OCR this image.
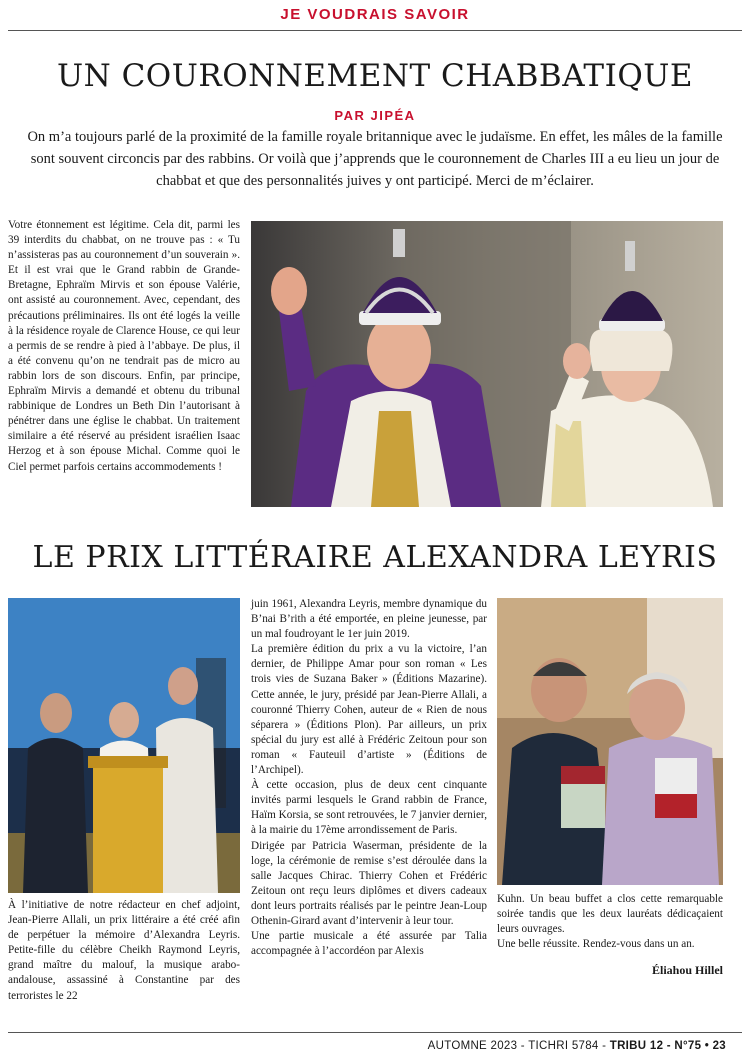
JE VOUDRAIS SAVOIR
UN COURONNEMENT CHABBATIQUE
PAR JIPÉA
On m’a toujours parlé de la proximité de la famille royale britannique avec le judaïsme. En effet, les mâles de la famille sont souvent circoncis par des rabbins. Or voilà que j’apprends que le couronnement de Charles III a eu lieu un jour de chabbat et que des personnalités juives y ont participé. Merci de m’éclairer.

Votre étonnement est légitime. Cela dit, parmi les 39 interdits du chabbat, on ne trouve pas : « Tu n’assisteras pas au couronnement d’un souverain ». Et il est vrai que le Grand rabbin de Grande-Bretagne, Ephraïm Mirvis et son épouse Valérie, ont assisté au couronnement. Avec, cependant, des précautions préliminaires. Ils ont été logés la veille à la résidence royale de Clarence House, ce qui leur a permis de se rendre à pied à l’abbaye. De plus, il a été convenu qu’on ne tendrait pas de micro au rabbin lors de son discours. Enfin, par principe, Ephraïm Mirvis a demandé et obtenu du tribunal rabbinique de Londres un Beth Din l’autorisant à pénétrer dans une église le chabbat. Un traitement similaire a été réservé au président israélien Isaac Herzog et à son épouse Michal. Comme quoi le Ciel permet parfois certains accommodements !

LE PRIX LITTÉRAIRE ALEXANDRA LEYRIS

À l’initiative de notre rédacteur en chef adjoint, Jean-Pierre Allali, un prix littéraire a été créé afin de perpétuer la mémoire d’Alexandra Leyris. Petite-fille du célèbre Cheikh Raymond Leyris, grand maître du malouf, la musique arabo-andalouse, assassiné à Constantine par des terroristes le 22

juin 1961, Alexandra Leyris, membre dynamique du B’nai B’rith a été emportée, en pleine jeunesse, par un mal foudroyant le 1er juin 2019.

La première édition du prix a vu la victoire, l’an dernier, de Philippe Amar pour son roman « Les trois vies de Suzana Baker » (Éditions Mazarine). Cette année, le jury, présidé par Jean-Pierre Allali, a couronné Thierry Cohen, auteur de « Rien de nous séparera » (Éditions Plon). Par ailleurs, un prix spécial du jury est allé à Frédéric Zeitoun pour son roman « Fauteuil d’artiste » (Éditions de l’Archipel).

À cette occasion, plus de deux cent cinquante invités parmi lesquels le Grand rabbin de France, Haïm Korsia, se sont retrouvées, le 7 janvier dernier, à la mairie du 17ème arrondissement de Paris.

Dirigée par Patricia Waserman, présidente de la loge, la cérémonie de remise s’est déroulée dans la salle Jacques Chirac. Thierry Cohen et Frédéric Zeitoun ont reçu leurs diplômes et divers cadeaux dont leurs portraits réalisés par le peintre Jean-Loup Othenin-Girard avant d’intervenir à leur tour.

Une partie musicale a été assurée par Talia accompagnée à l’accordéon par Alexis

Kuhn. Un beau buffet a clos cette remarquable soirée tandis que les deux lauréats dédicaçaient leurs ouvrages.

Une belle réussite. Rendez-vous dans un an.

Éliahou Hillel
AUTOMNE 2023 - TICHRI 5784 - TRIBU 12 - N°75 • 23
